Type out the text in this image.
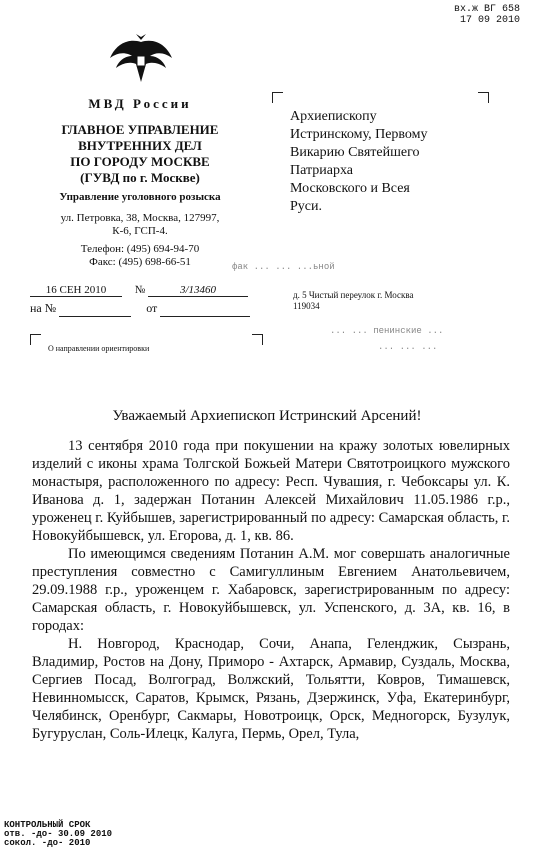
вх.ж ВГ 658
17 09 2010
МВД России
ГЛАВНОЕ УПРАВЛЕНИЕ
ВНУТРЕННИХ ДЕЛ
ПО ГОРОДУ МОСКВЕ
(ГУВД по г. Москве)
Управление уголовного розыска
ул. Петровка, 38, Москва, 127997,
К-6, ГСП-4.
Телефон: (495) 694-94-70
Факс: (495) 698-66-51
Архиепископу
Истринскому, Первому
Викарию Святейшего
Патриарха
Московского и Всея
Руси.
фак ... ... ...ьной
16 СЕН 2010	№	3/13460
на №	от
д. 5 Чистый переулок г. Москва
119034
... ... пенинские ...
... ... ...
О направлении ориентировки
Уважаемый Архиепископ Истринский Арсений!

13 сентября 2010 года при покушении на кражу золотых ювелирных изделий с иконы храма Толгской Божьей Матери Святотроицкого мужского монастыря, расположенного по адресу: Респ. Чувашия, г. Чебоксары ул. К. Иванова д. 1, задержан Потанин Алексей Михайлович 11.05.1986 г.р., уроженец г. Куйбышев, зарегистрированный по адресу: Самарская область, г. Новокуйбышевск, ул. Егорова, д. 1, кв. 86.

По имеющимся сведениям Потанин А.М. мог совершать аналогичные преступления совместно с Самигуллиным Евгением Анатольевичем, 29.09.1988 г.р., уроженцем г. Хабаровск, зарегистрированным по адресу: Самарская область, г. Новокуйбышевск, ул. Успенского, д. 3А, кв. 16, в городах:

Н. Новгород, Краснодар, Сочи, Анапа, Геленджик, Сызрань, Владимир, Ростов на Дону, Приморо - Ахтарск, Армавир, Суздаль, Москва, Сергиев Посад, Волгоград, Волжский, Тольятти, Ковров, Тимашевск, Невинномысск, Саратов, Крымск, Рязань, Дзержинск, Уфа, Екатеринбург, Челябинск, Оренбург, Сакмары, Новотроицк, Орск, Медногорск, Бузулук, Бугуруслан, Соль-Илецк, Калуга, Пермь, Орел, Тула,

КОНТРОЛЬНЫЙ СРОК
отв. -до- 30.09 2010
сокол. -до- 2010
